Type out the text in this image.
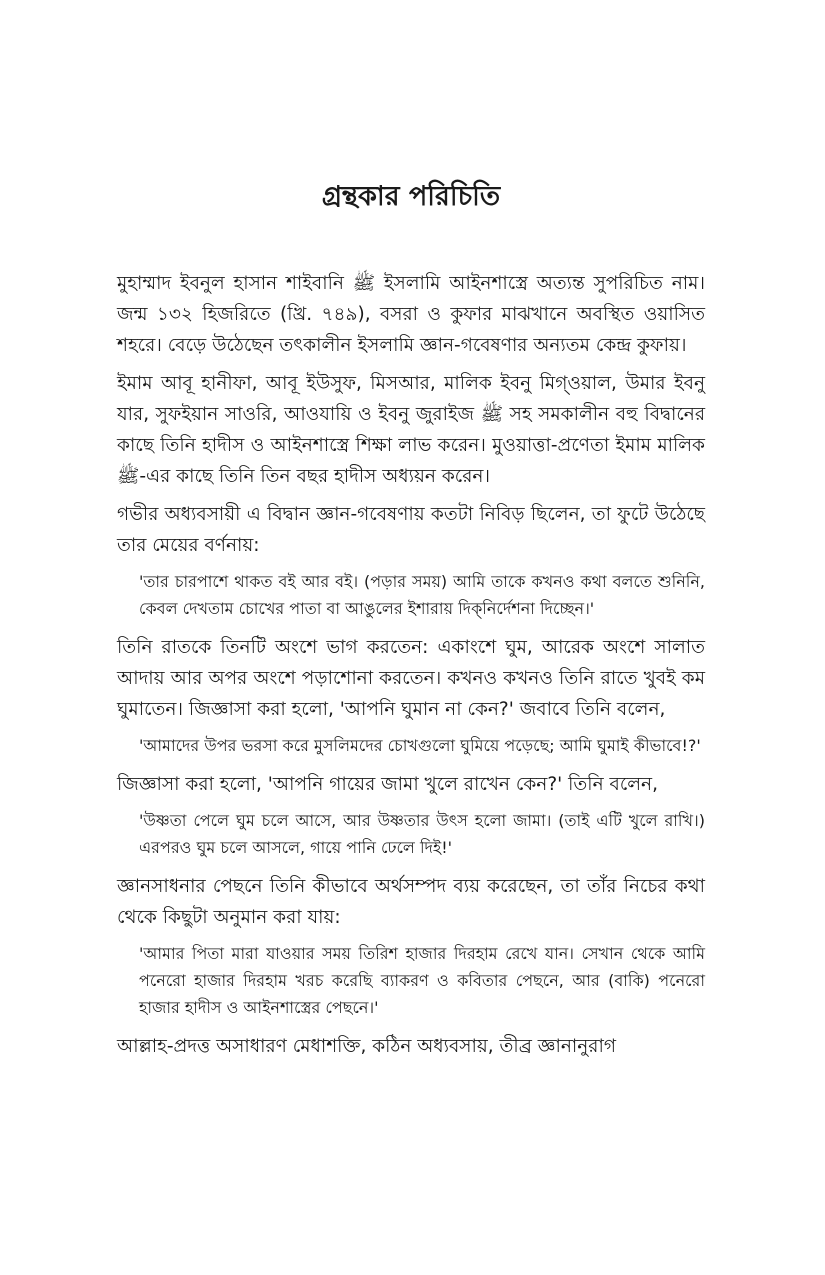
গ্রন্থকার পরিচিতি

মুহাম্মাদ ইবনুল হাসান শাইবানি ﷺ ইসলামি আইনশাস্ত্রে অত্যন্ত সুপরিচিত নাম। জন্ম ১৩২ হিজরিতে (খ্রি. ৭৪৯), বসরা ও কুফার মাঝখানে অবস্থিত ওয়াসিত শহরে। বেড়ে উঠেছেন তৎকালীন ইসলামি জ্ঞান-গবেষণার অন্যতম কেন্দ্র কুফায়।

ইমাম আবূ হানীফা, আবূ ইউসুফ, মিসআর, মালিক ইবনু মিগ্‌ওয়াল, উমার ইবনু যার, সুফইয়ান সাওরি, আওযায়ি ও ইবনু জুরাইজ ﷺ সহ সমকালীন বহু বিদ্বানের কাছে তিনি হাদীস ও আইনশাস্ত্রে শিক্ষা লাভ করেন। মুওয়াত্তা-প্রণেতা ইমাম মালিক ﷺ-এর কাছে তিনি তিন বছর হাদীস অধ্যয়ন করেন।

গভীর অধ্যবসায়ী এ বিদ্বান জ্ঞান-গবেষণায় কতটা নিবিড় ছিলেন, তা ফুটে উঠেছে তার মেয়ের বর্ণনায়:

'তার চারপাশে থাকত বই আর বই। (পড়ার সময়) আমি তাকে কখনও কথা বলতে শুনিনি, কেবল দেখতাম চোখের পাতা বা আঙুলের ইশারায় দিক্‌নির্দেশনা দিচ্ছেন।'

তিনি রাতকে তিনটি অংশে ভাগ করতেন: একাংশে ঘুম, আরেক অংশে সালাত আদায় আর অপর অংশে পড়াশোনা করতেন। কখনও কখনও তিনি রাতে খুবই কম ঘুমাতেন। জিজ্ঞাসা করা হলো, 'আপনি ঘুমান না কেন?' জবাবে তিনি বলেন,

'আমাদের উপর ভরসা করে মুসলিমদের চোখগুলো ঘুমিয়ে পড়েছে; আমি ঘুমাই কীভাবে!?'

জিজ্ঞাসা করা হলো, 'আপনি গায়ের জামা খুলে রাখেন কেন?' তিনি বলেন,

'উষ্ণতা পেলে ঘুম চলে আসে, আর উষ্ণতার উৎস হলো জামা। (তাই এটি খুলে রাখি।) এরপরও ঘুম চলে আসলে, গায়ে পানি ঢেলে দিই!'

জ্ঞানসাধনার পেছনে তিনি কীভাবে অর্থসম্পদ ব্যয় করেছেন, তা তাঁর নিচের কথা থেকে কিছুটা অনুমান করা যায়:

'আমার পিতা মারা যাওয়ার সময় তিরিশ হাজার দিরহাম রেখে যান। সেখান থেকে আমি পনেরো হাজার দিরহাম খরচ করেছি ব্যাকরণ ও কবিতার পেছনে, আর (বাকি) পনেরো হাজার হাদীস ও আইনশাস্ত্রের পেছনে।'

আল্লাহ-প্রদত্ত অসাধারণ মেধাশক্তি, কঠিন অধ্যবসায়, তীব্র জ্ঞানানুরাগ
